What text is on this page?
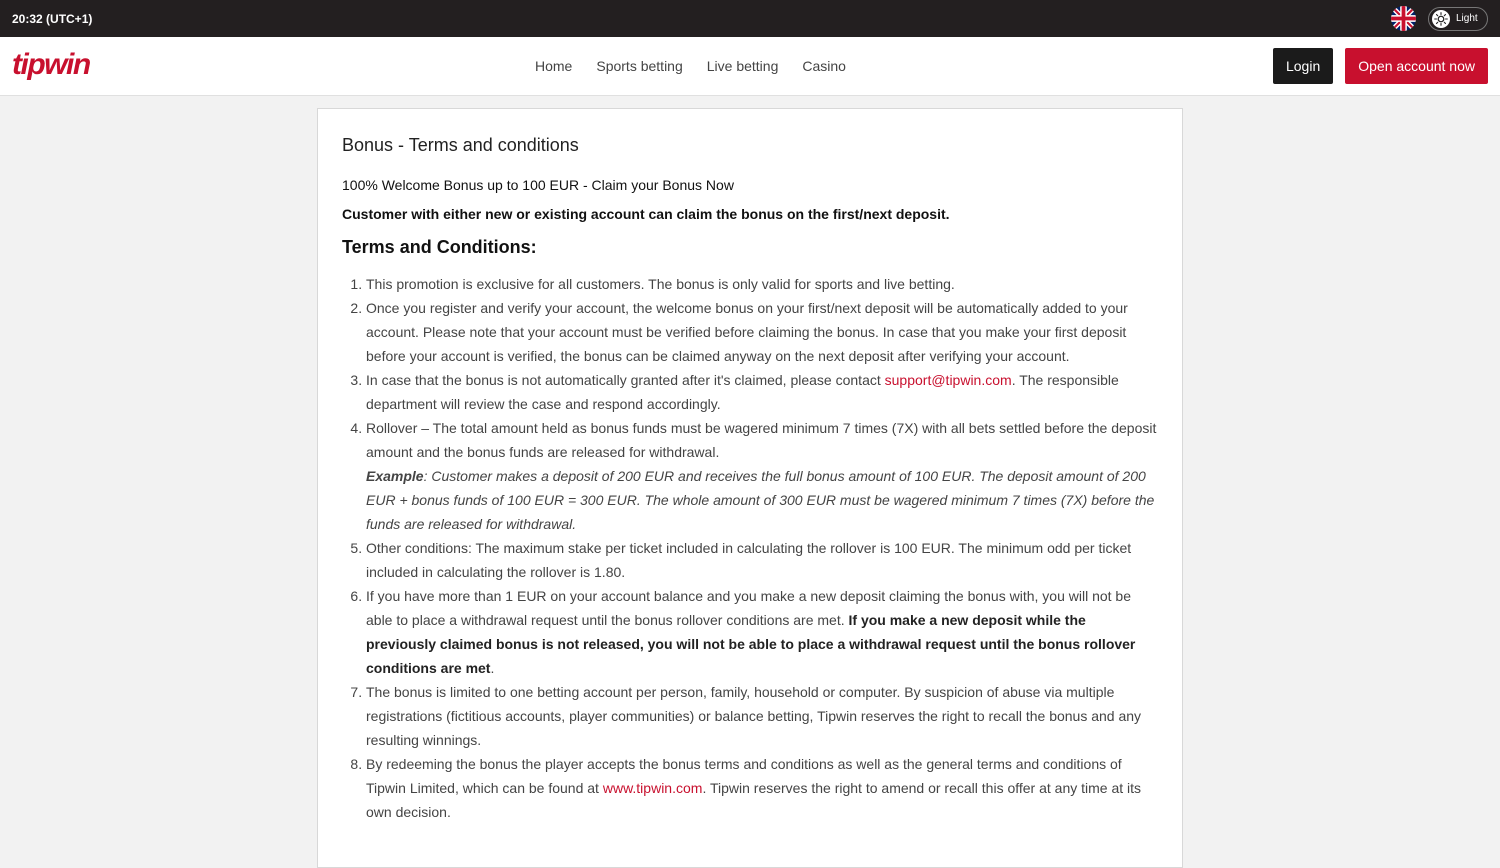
20:32 (UTC+1)	Light
tipwin	Home	Sports betting	Live betting	Casino	Login	Open account now
Bonus - Terms and conditions

100% Welcome Bonus up to 100 EUR - Claim your Bonus Now

Customer with either new or existing account can claim the bonus on the first/next deposit.

Terms and Conditions:
1. This promotion is exclusive for all customers. The bonus is only valid for sports and live betting.
2. Once you register and verify your account, the welcome bonus on your first/next deposit will be automatically added to your account. Please note that your account must be verified before claiming the bonus. In case that you make your first deposit before your account is verified, the bonus can be claimed anyway on the next deposit after verifying your account.
3. In case that the bonus is not automatically granted after it's claimed, please contact support@tipwin.com. The responsible department will review the case and respond accordingly.
4. Rollover – The total amount held as bonus funds must be wagered minimum 7 times (7X) with all bets settled before the deposit amount and the bonus funds are released for withdrawal.
Example: Customer makes a deposit of 200 EUR and receives the full bonus amount of 100 EUR. The deposit amount of 200 EUR + bonus funds of 100 EUR = 300 EUR. The whole amount of 300 EUR must be wagered minimum 7 times (7X) before the funds are released for withdrawal.
5. Other conditions: The maximum stake per ticket included in calculating the rollover is 100 EUR. The minimum odd per ticket included in calculating the rollover is 1.80.
6. If you have more than 1 EUR on your account balance and you make a new deposit claiming the bonus with, you will not be able to place a withdrawal request until the bonus rollover conditions are met. If you make a new deposit while the previously claimed bonus is not released, you will not be able to place a withdrawal request until the bonus rollover conditions are met.
7. The bonus is limited to one betting account per person, family, household or computer. By suspicion of abuse via multiple registrations (fictitious accounts, player communities) or balance betting, Tipwin reserves the right to recall the bonus and any resulting winnings.
8. By redeeming the bonus the player accepts the bonus terms and conditions as well as the general terms and conditions of Tipwin Limited, which can be found at www.tipwin.com. Tipwin reserves the right to amend or recall this offer at any time at its own decision.
